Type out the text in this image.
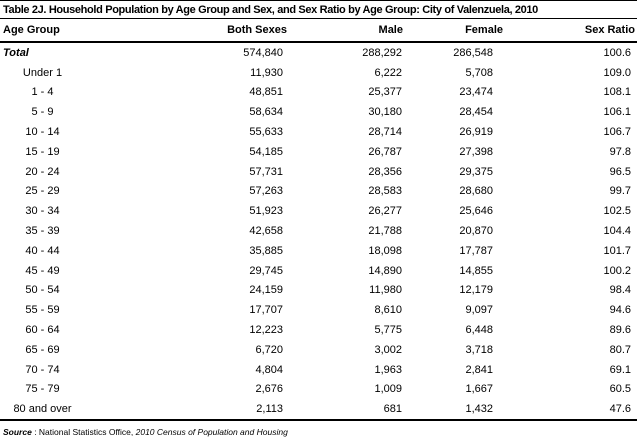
Table 2J. Household Population by Age Group and Sex, and Sex Ratio by Age Group: City of Valenzuela, 2010
Age Group	Both Sexes	Male	Female	Sex Ratio
Total	574,840	288,292	286,548	100.6
Under 1	11,930	6,222	5,708	109.0
1 - 4	48,851	25,377	23,474	108.1
5 - 9	58,634	30,180	28,454	106.1
10 - 14	55,633	28,714	26,919	106.7
15 - 19	54,185	26,787	27,398	97.8
20 - 24	57,731	28,356	29,375	96.5
25 - 29	57,263	28,583	28,680	99.7
30 - 34	51,923	26,277	25,646	102.5
35 - 39	42,658	21,788	20,870	104.4
40 - 44	35,885	18,098	17,787	101.7
45 - 49	29,745	14,890	14,855	100.2
50 - 54	24,159	11,980	12,179	98.4
55 - 59	17,707	8,610	9,097	94.6
60 - 64	12,223	5,775	6,448	89.6
65 - 69	6,720	3,002	3,718	80.7
70 - 74	4,804	1,963	2,841	69.1
75 - 79	2,676	1,009	1,667	60.5
80 and over	2,113	681	1,432	47.6
Source : National Statistics Office, 2010 Census of Population and Housing
